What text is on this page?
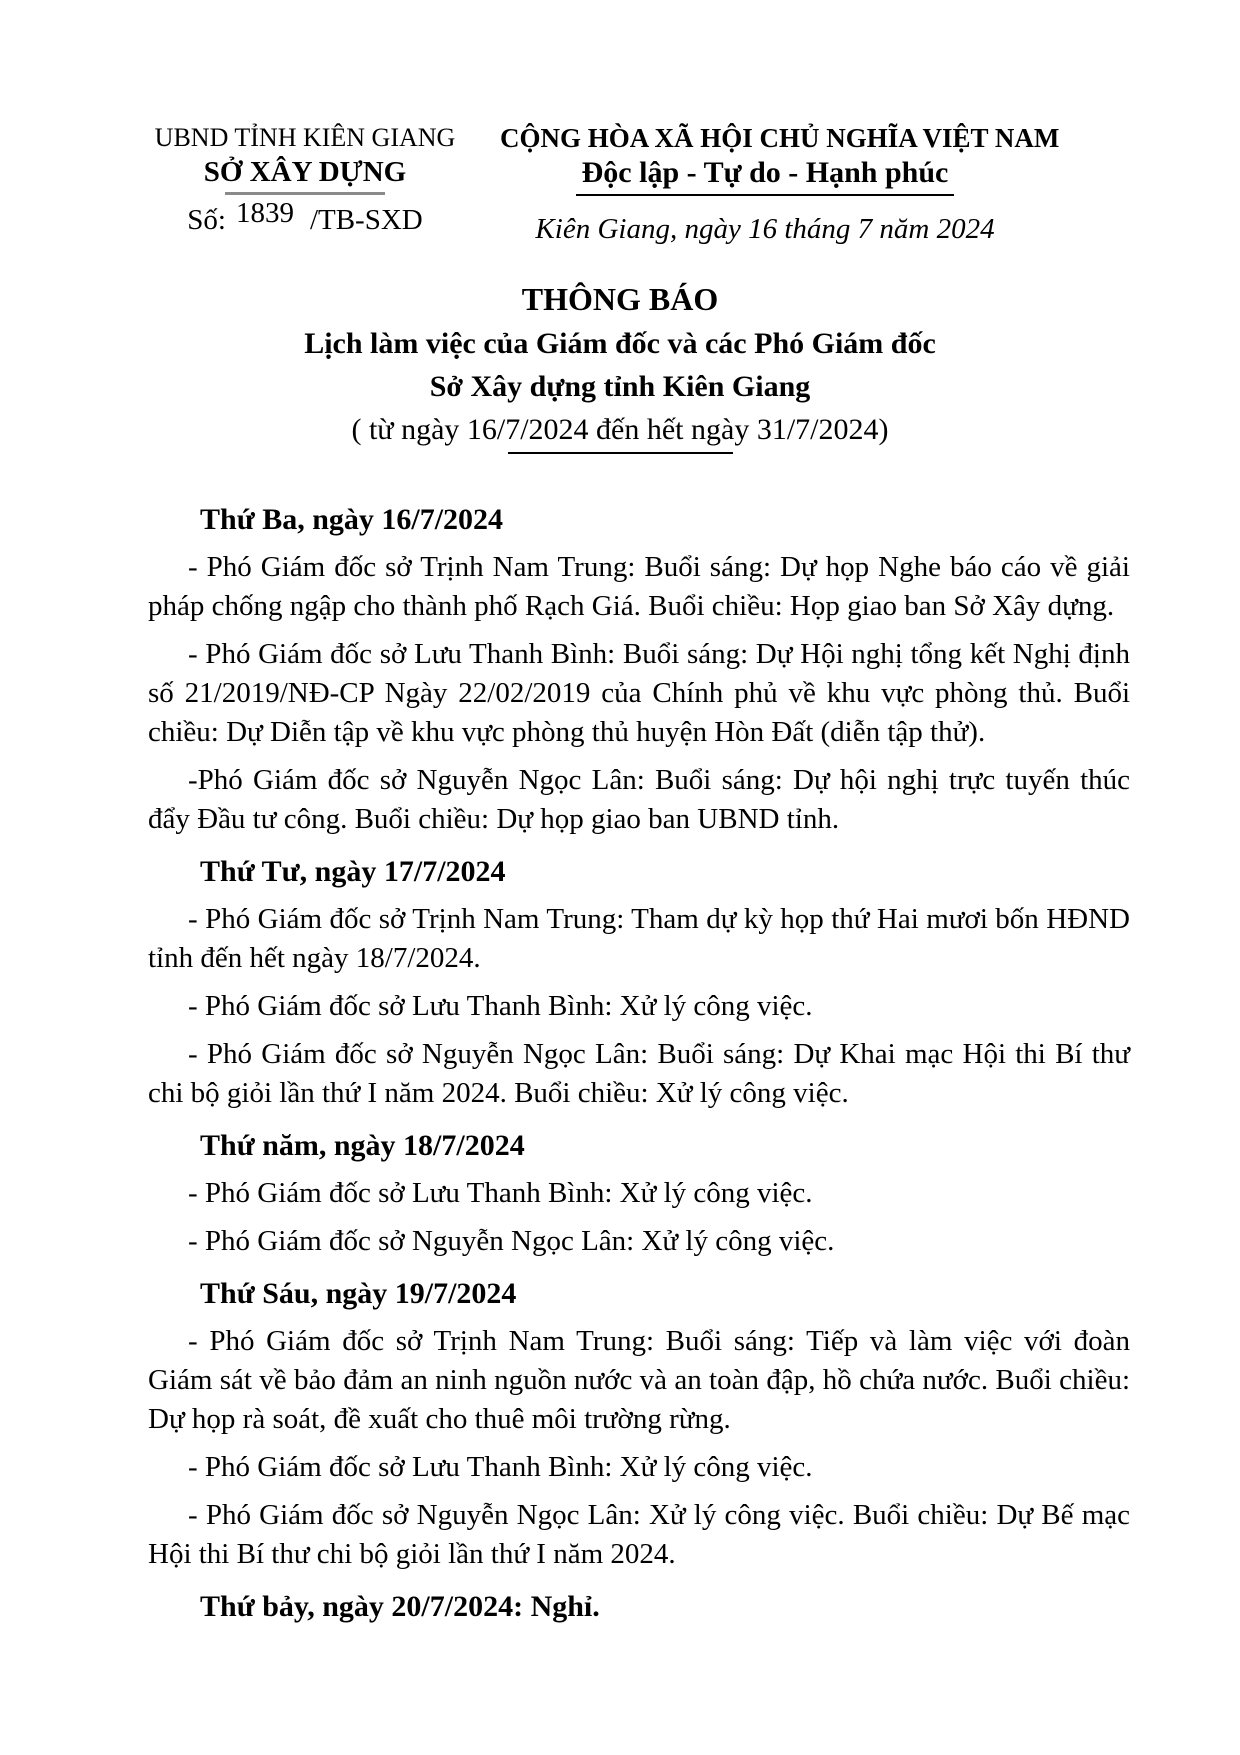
UBND TỈNH KIÊN GIANG
SỞ XÂY DỰNG
Số: 1839 /TB-SXD
CỘNG HÒA XÃ HỘI CHỦ NGHĨA VIỆT NAM
Độc lập - Tự do - Hạnh phúc
Kiên Giang, ngày 16 tháng 7 năm 2024
THÔNG BÁO
Lịch làm việc của Giám đốc và các Phó Giám đốc
Sở Xây dựng tỉnh Kiên Giang
( từ ngày 16/7/2024 đến hết ngày 31/7/2024)

Thứ Ba, ngày 16/7/2024

- Phó Giám đốc sở Trịnh Nam Trung: Buổi sáng: Dự họp Nghe báo cáo về giải pháp chống ngập cho thành phố Rạch Giá. Buổi chiều: Họp giao ban Sở Xây dựng.

- Phó Giám đốc sở Lưu Thanh Bình: Buổi sáng: Dự Hội nghị tổng kết Nghị định số 21/2019/NĐ-CP Ngày 22/02/2019 của Chính phủ về khu vực phòng thủ. Buổi chiều: Dự Diễn tập về khu vực phòng thủ huyện Hòn Đất (diễn tập thử).

-Phó Giám đốc sở Nguyễn Ngọc Lân: Buổi sáng: Dự hội nghị trực tuyến thúc đẩy Đầu tư công. Buổi chiều: Dự họp giao ban UBND tỉnh.

Thứ Tư, ngày 17/7/2024

- Phó Giám đốc sở Trịnh Nam Trung: Tham dự kỳ họp thứ Hai mươi bốn HĐND tỉnh đến hết ngày 18/7/2024.

- Phó Giám đốc sở Lưu Thanh Bình: Xử lý công việc.

- Phó Giám đốc sở Nguyễn Ngọc Lân: Buổi sáng: Dự Khai mạc Hội thi Bí thư chi bộ giỏi lần thứ I năm 2024. Buổi chiều: Xử lý công việc.

Thứ năm, ngày 18/7/2024

- Phó Giám đốc sở Lưu Thanh Bình: Xử lý công việc.

- Phó Giám đốc sở Nguyễn Ngọc Lân: Xử lý công việc.

Thứ Sáu, ngày 19/7/2024

- Phó Giám đốc sở Trịnh Nam Trung: Buổi sáng: Tiếp và làm việc với đoàn Giám sát về bảo đảm an ninh nguồn nước và an toàn đập, hồ chứa nước. Buổi chiều: Dự họp rà soát, đề xuất cho thuê môi trường rừng.

- Phó Giám đốc sở Lưu Thanh Bình: Xử lý công việc.

- Phó Giám đốc sở Nguyễn Ngọc Lân: Xử lý công việc. Buổi chiều: Dự Bế mạc Hội thi Bí thư chi bộ giỏi lần thứ I năm 2024.

Thứ bảy, ngày 20/7/2024: Nghỉ.
